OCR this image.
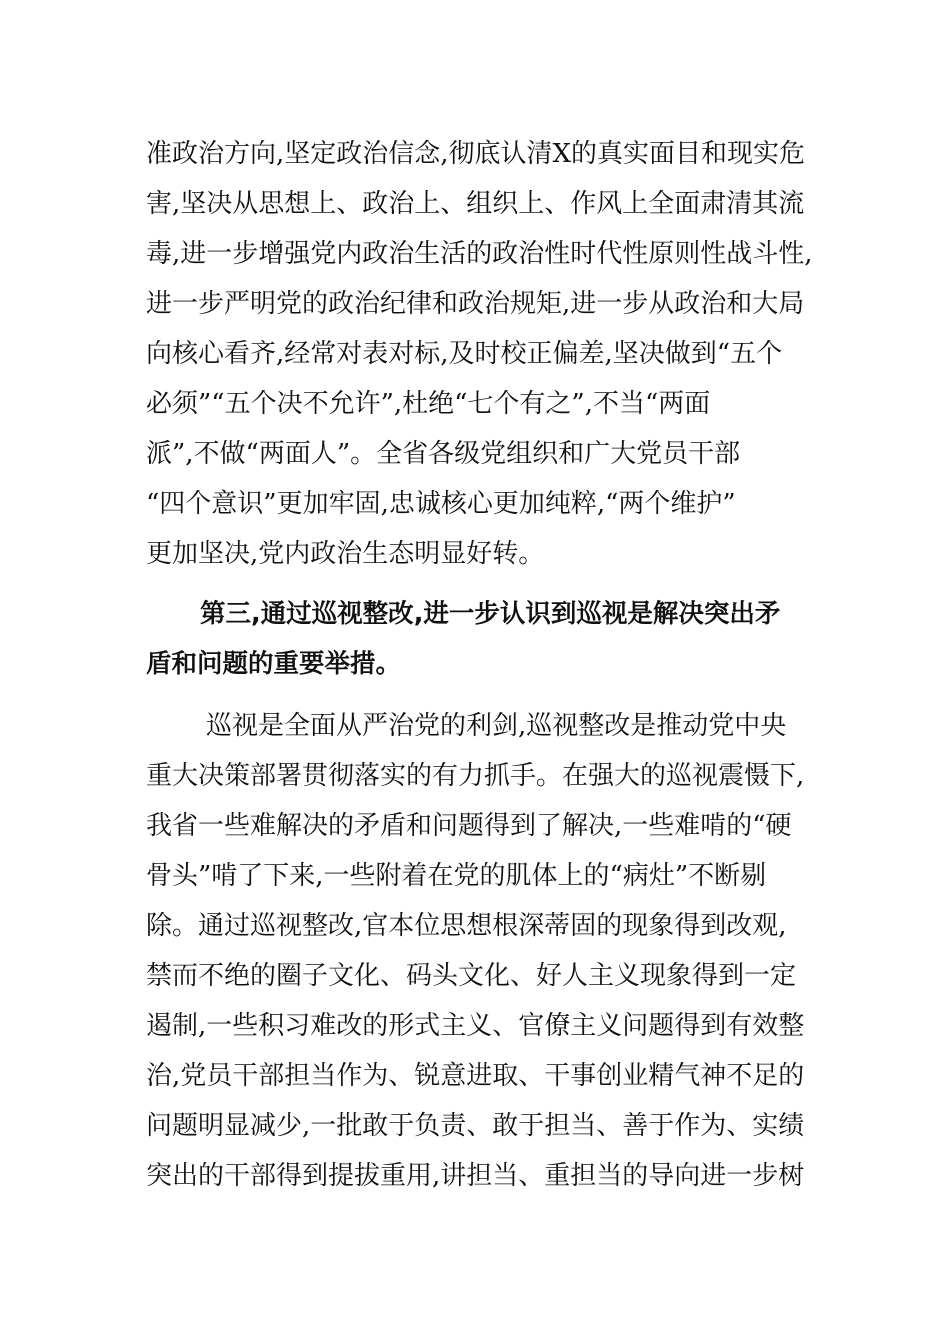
准政治方向,坚定政治信念,彻底认清X的真实面目和现实危
害,坚决从思想上、政治上、组织上、作风上全面肃清其流
毒,进一步增强党内政治生活的政治性时代性原则性战斗性,
进一步严明党的政治纪律和政治规矩,进一步从政治和大局
向核心看齐,经常对表对标,及时校正偏差,坚决做到“五个
必须”“五个决不允许”,杜绝“七个有之”,不当“两面
派”,不做“两面人”。全省各级党组织和广大党员干部
“四个意识”更加牢固,忠诚核心更加纯粹,“两个维护”
更加坚决,党内政治生态明显好转。
第三,通过巡视整改,进一步认识到巡视是解决突出矛
盾和问题的重要举措。
巡视是全面从严治党的利剑,巡视整改是推动党中央
重大决策部署贯彻落实的有力抓手。在强大的巡视震慑下,
我省一些难解决的矛盾和问题得到了解决,一些难啃的“硬
骨头”啃了下来,一些附着在党的肌体上的“病灶”不断剔
除。通过巡视整改,官本位思想根深蒂固的现象得到改观,
禁而不绝的圈子文化、码头文化、好人主义现象得到一定
遏制,一些积习难改的形式主义、官僚主义问题得到有效整
治,党员干部担当作为、锐意进取、干事创业精气神不足的
问题明显减少,一批敢于负责、敢于担当、善于作为、实绩
突出的干部得到提拔重用,讲担当、重担当的导向进一步树
